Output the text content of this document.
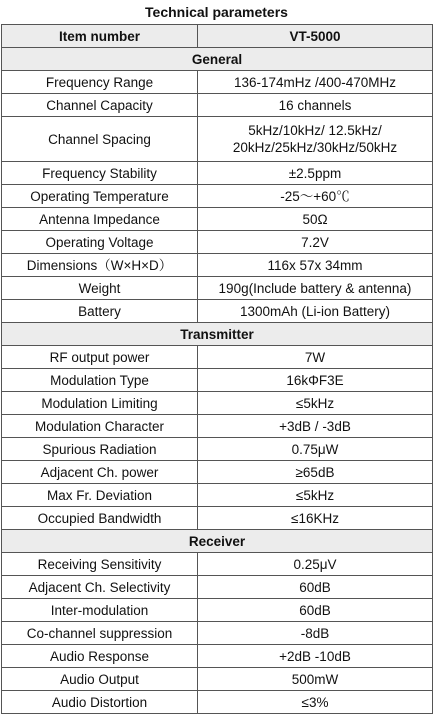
Technical parameters
Item number	VT-5000
General	
Frequency Range	136-174mHz /400-470MHz
Channel Capacity	16 channels
Channel Spacing	5kHz/10kHz/ 12.5kHz/
20kHz/25kHz/30kHz/50kHz

Frequency Stability	±2.5ppm
Operating Temperature	-25～+60℃
Antenna Impedance	50Ω
Operating Voltage	7.2V
Dimensions（W×H×D）	116x 57x 34mm
Weight	190g(Include battery & antenna)
Battery	1300mAh (Li-ion Battery)
Transmitter	
RF output power	7W
Modulation Type	16kΦF3E
Modulation Limiting	≤5kHz
Modulation Character	+3dB / -3dB
Spurious Radiation	0.75μW
Adjacent Ch. power	≥65dB
Max Fr. Deviation	≤5kHz
Occupied Bandwidth	≤16KHz
Receiver	
Receiving Sensitivity	0.25μV
Adjacent Ch. Selectivity	60dB
Inter-modulation	60dB
Co-channel suppression	-8dB
Audio Response	+2dB -10dB
Audio Output	500mW
Audio Distortion	≤3%
